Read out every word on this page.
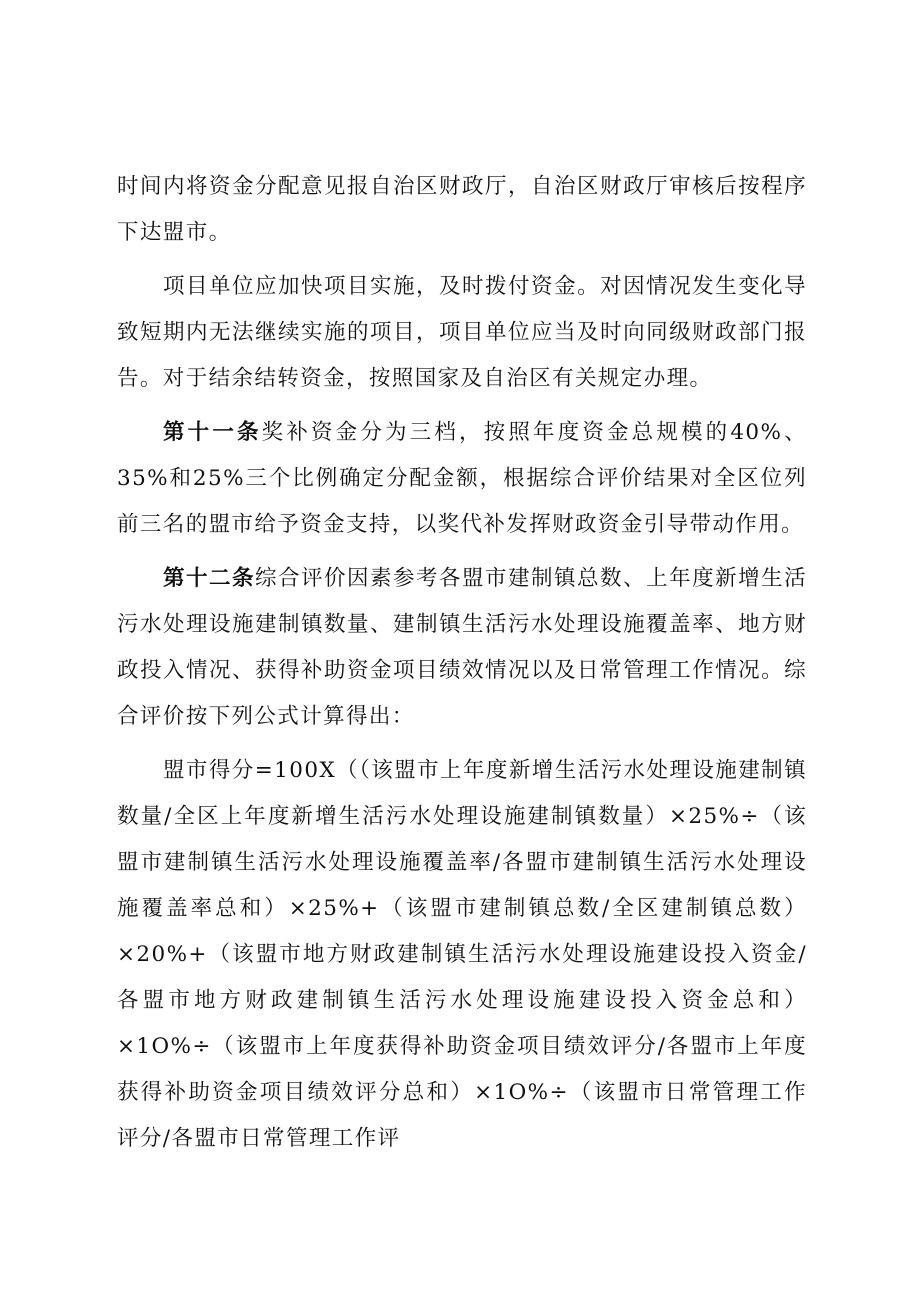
时间内将资金分配意见报自治区财政厅，自治区财政厅审核后按程序下达盟市。

项目单位应加快项目实施，及时拨付资金。对因情况发生变化导致短期内无法继续实施的项目，项目单位应当及时向同级财政部门报告。对于结余结转资金，按照国家及自治区有关规定办理。

第十一条奖补资金分为三档，按照年度资金总规模的40%、35%和25%三个比例确定分配金额，根据综合评价结果对全区位列前三名的盟市给予资金支持，以奖代补发挥财政资金引导带动作用。

第十二条综合评价因素参考各盟市建制镇总数、上年度新增生活污水处理设施建制镇数量、建制镇生活污水处理设施覆盖率、地方财政投入情况、获得补助资金项目绩效情况以及日常管理工作情况。综合评价按下列公式计算得出：

盟市得分=100X（（该盟市上年度新增生活污水处理设施建制镇数量/全区上年度新增生活污水处理设施建制镇数量）×25%÷（该盟市建制镇生活污水处理设施覆盖率/各盟市建制镇生活污水处理设施覆盖率总和）×25%+（该盟市建制镇总数/全区建制镇总数）×20%+（该盟市地方财政建制镇生活污水处理设施建设投入资金/各盟市地方财政建制镇生活污水处理设施建设投入资金总和）×1O%÷（该盟市上年度获得补助资金项目绩效评分/各盟市上年度获得补助资金项目绩效评分总和）×1O%÷（该盟市日常管理工作评分/各盟市日常管理工作评
